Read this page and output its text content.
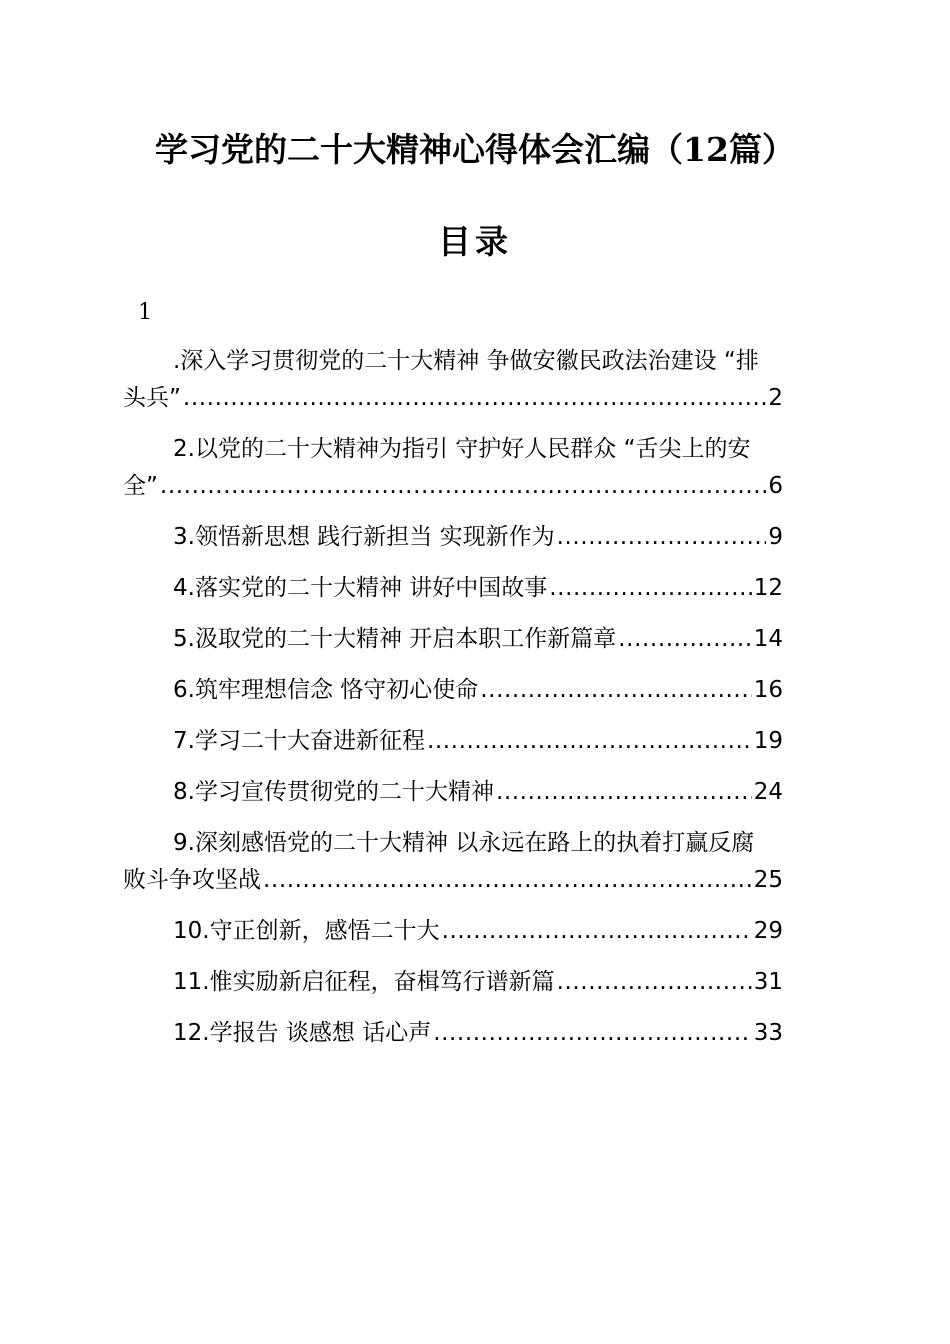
学习党的二十大精神心得体会汇编（12篇）
目录
1
.深入学习贯彻党的二十大精神 争做安徽民政法治建设 “排
头兵” .....	2
2.以党的二十大精神为指引 守护好人民群众 “舌尖上的安
全” .....	6
3.领悟新思想 践行新担当 实现新作为 .....	9
4.落实党的二十大精神 讲好中国故事 .....	12
5.汲取党的二十大精神 开启本职工作新篇章 .....	14
6.筑牢理想信念 恪守初心使命 .....	16
7.学习二十大奋进新征程 .....	19
8.学习宣传贯彻党的二十大精神 .....	24
9.深刻感悟党的二十大精神 以永远在路上的执着打赢反腐
败斗争攻坚战 .....	25
10.守正创新，感悟二十大 .....	29
11.惟实励新启征程，奋楫笃行谱新篇 .....	31
12.学报告 谈感想 话心声 .....	33
